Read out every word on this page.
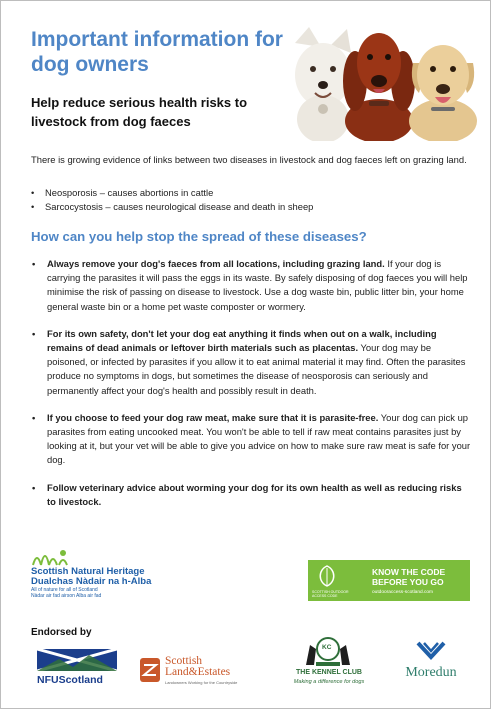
Important information for dog owners
Help reduce serious health risks to livestock from dog faeces
There is growing evidence of links between two diseases in livestock and dog faeces left on grazing land.
• Neosporosis – causes abortions in cattle
• Sarcocystosis – causes neurological disease and death in sheep
How can you help stop the spread of these diseases?
• Always remove your dog's faeces from all locations, including grazing land. If your dog is carrying the parasites it will pass the eggs in its waste. By safely disposing of dog faeces you will help minimise the risk of passing on disease to livestock. Use a dog waste bin, public litter bin, your home general waste bin or a home pet waste composter or wormery.
• For its own safety, don't let your dog eat anything it finds when out on a walk, including remains of dead animals or leftover birth materials such as placentas. Your dog may be poisoned, or infected by parasites if you allow it to eat animal material it may find. Often the parasites produce no symptoms in dogs, but sometimes the disease of neosporosis can seriously and permanently affect your dog's health and possibly result in death.
• If you choose to feed your dog raw meat, make sure that it is parasite-free. Your dog can pick up parasites from eating uncooked meat. You won't be able to tell if raw meat contains parasites just by looking at it, but your vet will be able to give you advice on how to make sure raw meat is safe for your dog.
• Follow veterinary advice about worming your dog for its own health as well as reducing risks to livestock.
Scottish Natural Heritage
Dualchas Nàdair na h-Alba
All of nature for all of Scotland
Nàdar air fad airson Alba air fad
SCOTTISH OUTDOOR ACCESS CODE
KNOW THE CODE
BEFORE YOU GO
outdooraccess-scotland.com
Endorsed by
NFUScotland
Scottish
Land&Estates
Landowners Working for the Countryside
KC
THE KENNEL CLUB
Making a difference for dogs
Moredun
